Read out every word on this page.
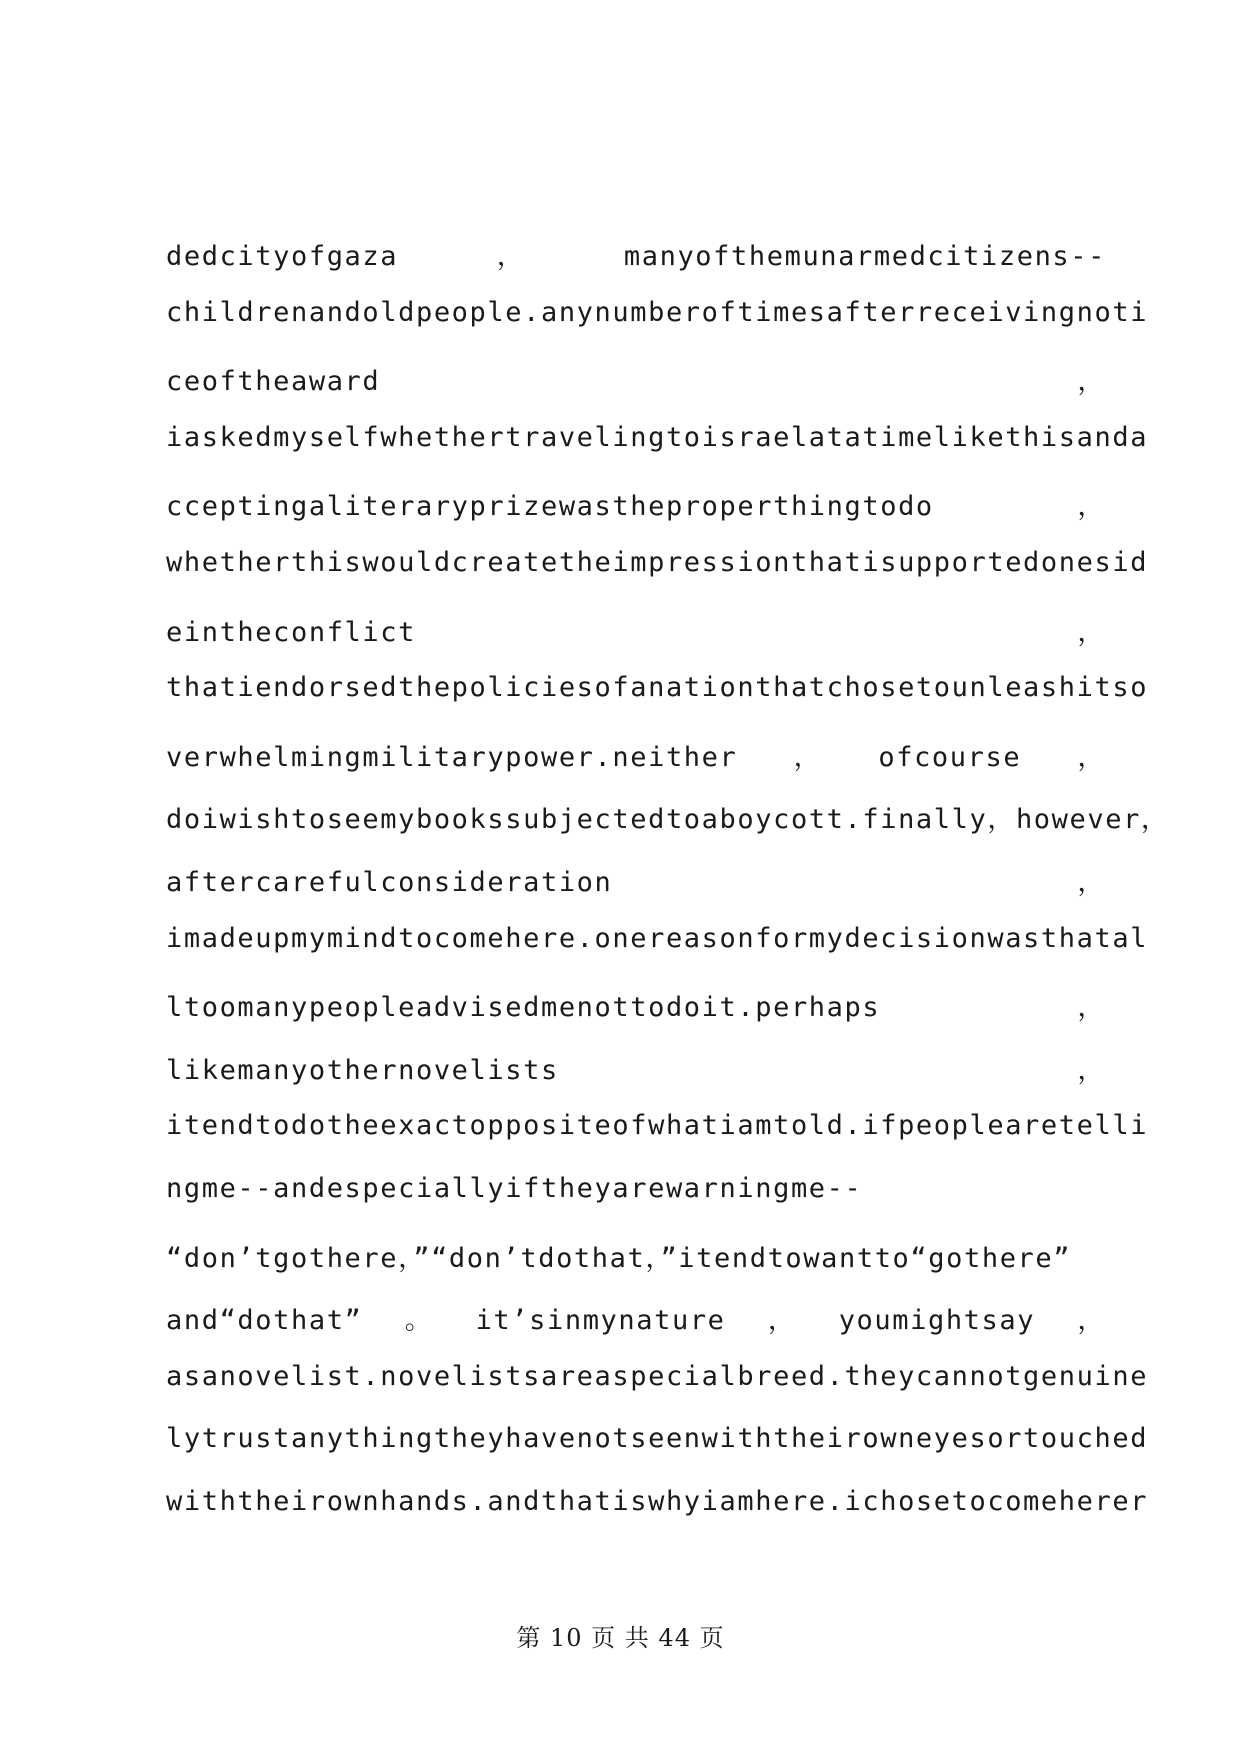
dedcityofgaza	，	manyofthemunarmedcitizens--
childrenandoldpeople.anynumberoftimesafterreceivingnoti
ceoftheaward	，
iaskedmyselfwhethertravelingtoisraelatatimelikethisanda
cceptingaliteraryprizewastheproperthingtodo	，
whetherthiswouldcreatetheimpressionthatisupportedonesid
eintheconflict	，
thatiendorsedthepoliciesofanationthatchosetounleashitso
verwhelmingmilitarypower.neither ， ofcourse ，
doiwishtoseemybookssubjectedtoaboycott.finally，however，
aftercarefulconsideration	，
imadeupmymindtocomehere.onereasonformydecisionwasthatal
ltoomanypeopleadvisedmenottodoit.perhaps	，
likemanyothernovelists	，
itendtodotheexactoppositeofwhatiamtold.ifpeoplearetelli
ngme--andespeciallyiftheyarewarningme--
“don’tgothere，”“don’tdothat，”itendtowantto“gothere”
and“dothat” 。 it’sinmynature ， youmightsay ，
asanovelist.novelistsareaspecialbreed.theycannotgenuine
lytrustanythingtheyhavenotseenwiththeirowneyesortouched
withtheirownhands.andthatiswhyiamhere.ichosetocomeherer
第 10 页 共 44 页
